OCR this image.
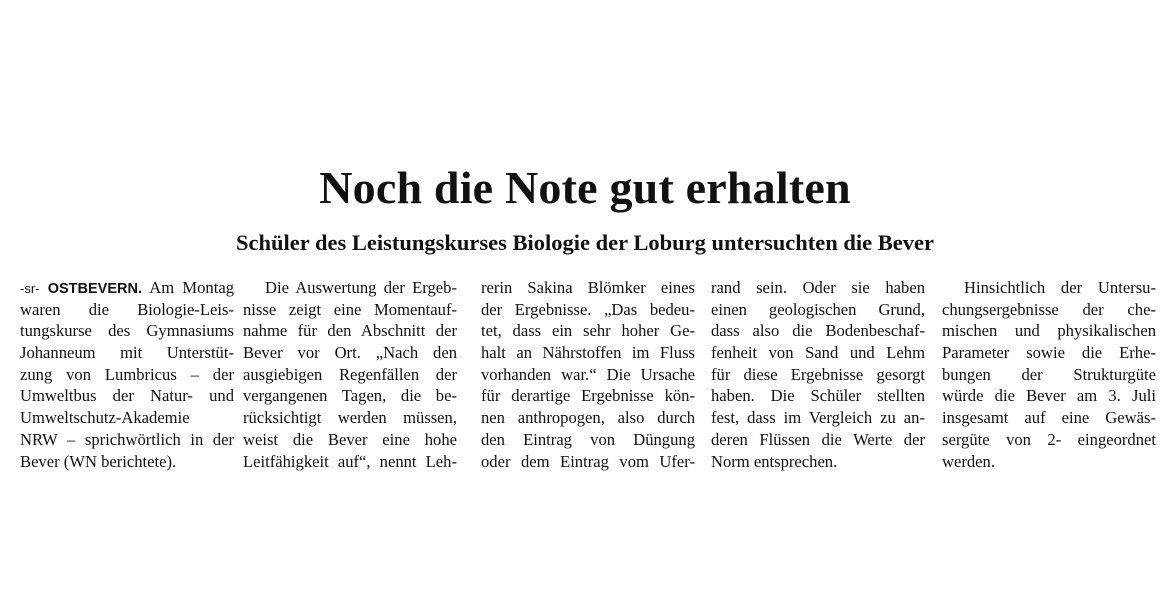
Noch die Note gut erhalten
Schüler des Leistungskurses Biologie der Loburg untersuchten die Bever
-sr- OSTBEVERN. Am Montag
waren die Biologie-Leis-
tungskurse des Gymnasiums
Johanneum mit Unterstüt-
zung von Lumbricus – der
Umweltbus der Natur- und
Umweltschutz-Akademie
NRW – sprichwörtlich in der
Bever (WN berichtete).
Die Auswertung der Ergeb-
nisse zeigt eine Momentauf-
nahme für den Abschnitt der
Bever vor Ort. „Nach den
ausgiebigen Regenfällen der
vergangenen Tagen, die be-
rücksichtigt werden müssen,
weist die Bever eine hohe
Leitfähigkeit auf“, nennt Leh-
rerin Sakina Blömker eines
der Ergebnisse. „Das bedeu-
tet, dass ein sehr hoher Ge-
halt an Nährstoffen im Fluss
vorhanden war.“ Die Ursache
für derartige Ergebnisse kön-
nen anthropogen, also durch
den Eintrag von Düngung
oder dem Eintrag vom Ufer-
rand sein. Oder sie haben
einen geologischen Grund,
dass also die Bodenbeschaf-
fenheit von Sand und Lehm
für diese Ergebnisse gesorgt
haben. Die Schüler stellten
fest, dass im Vergleich zu an-
deren Flüssen die Werte der
Norm entsprechen.
Hinsichtlich der Untersu-
chungsergebnisse der che-
mischen und physikalischen
Parameter sowie die Erhe-
bungen der Strukturgüte
würde die Bever am 3. Juli
insgesamt auf eine Gewäs-
sergüte von 2- eingeordnet
werden.
